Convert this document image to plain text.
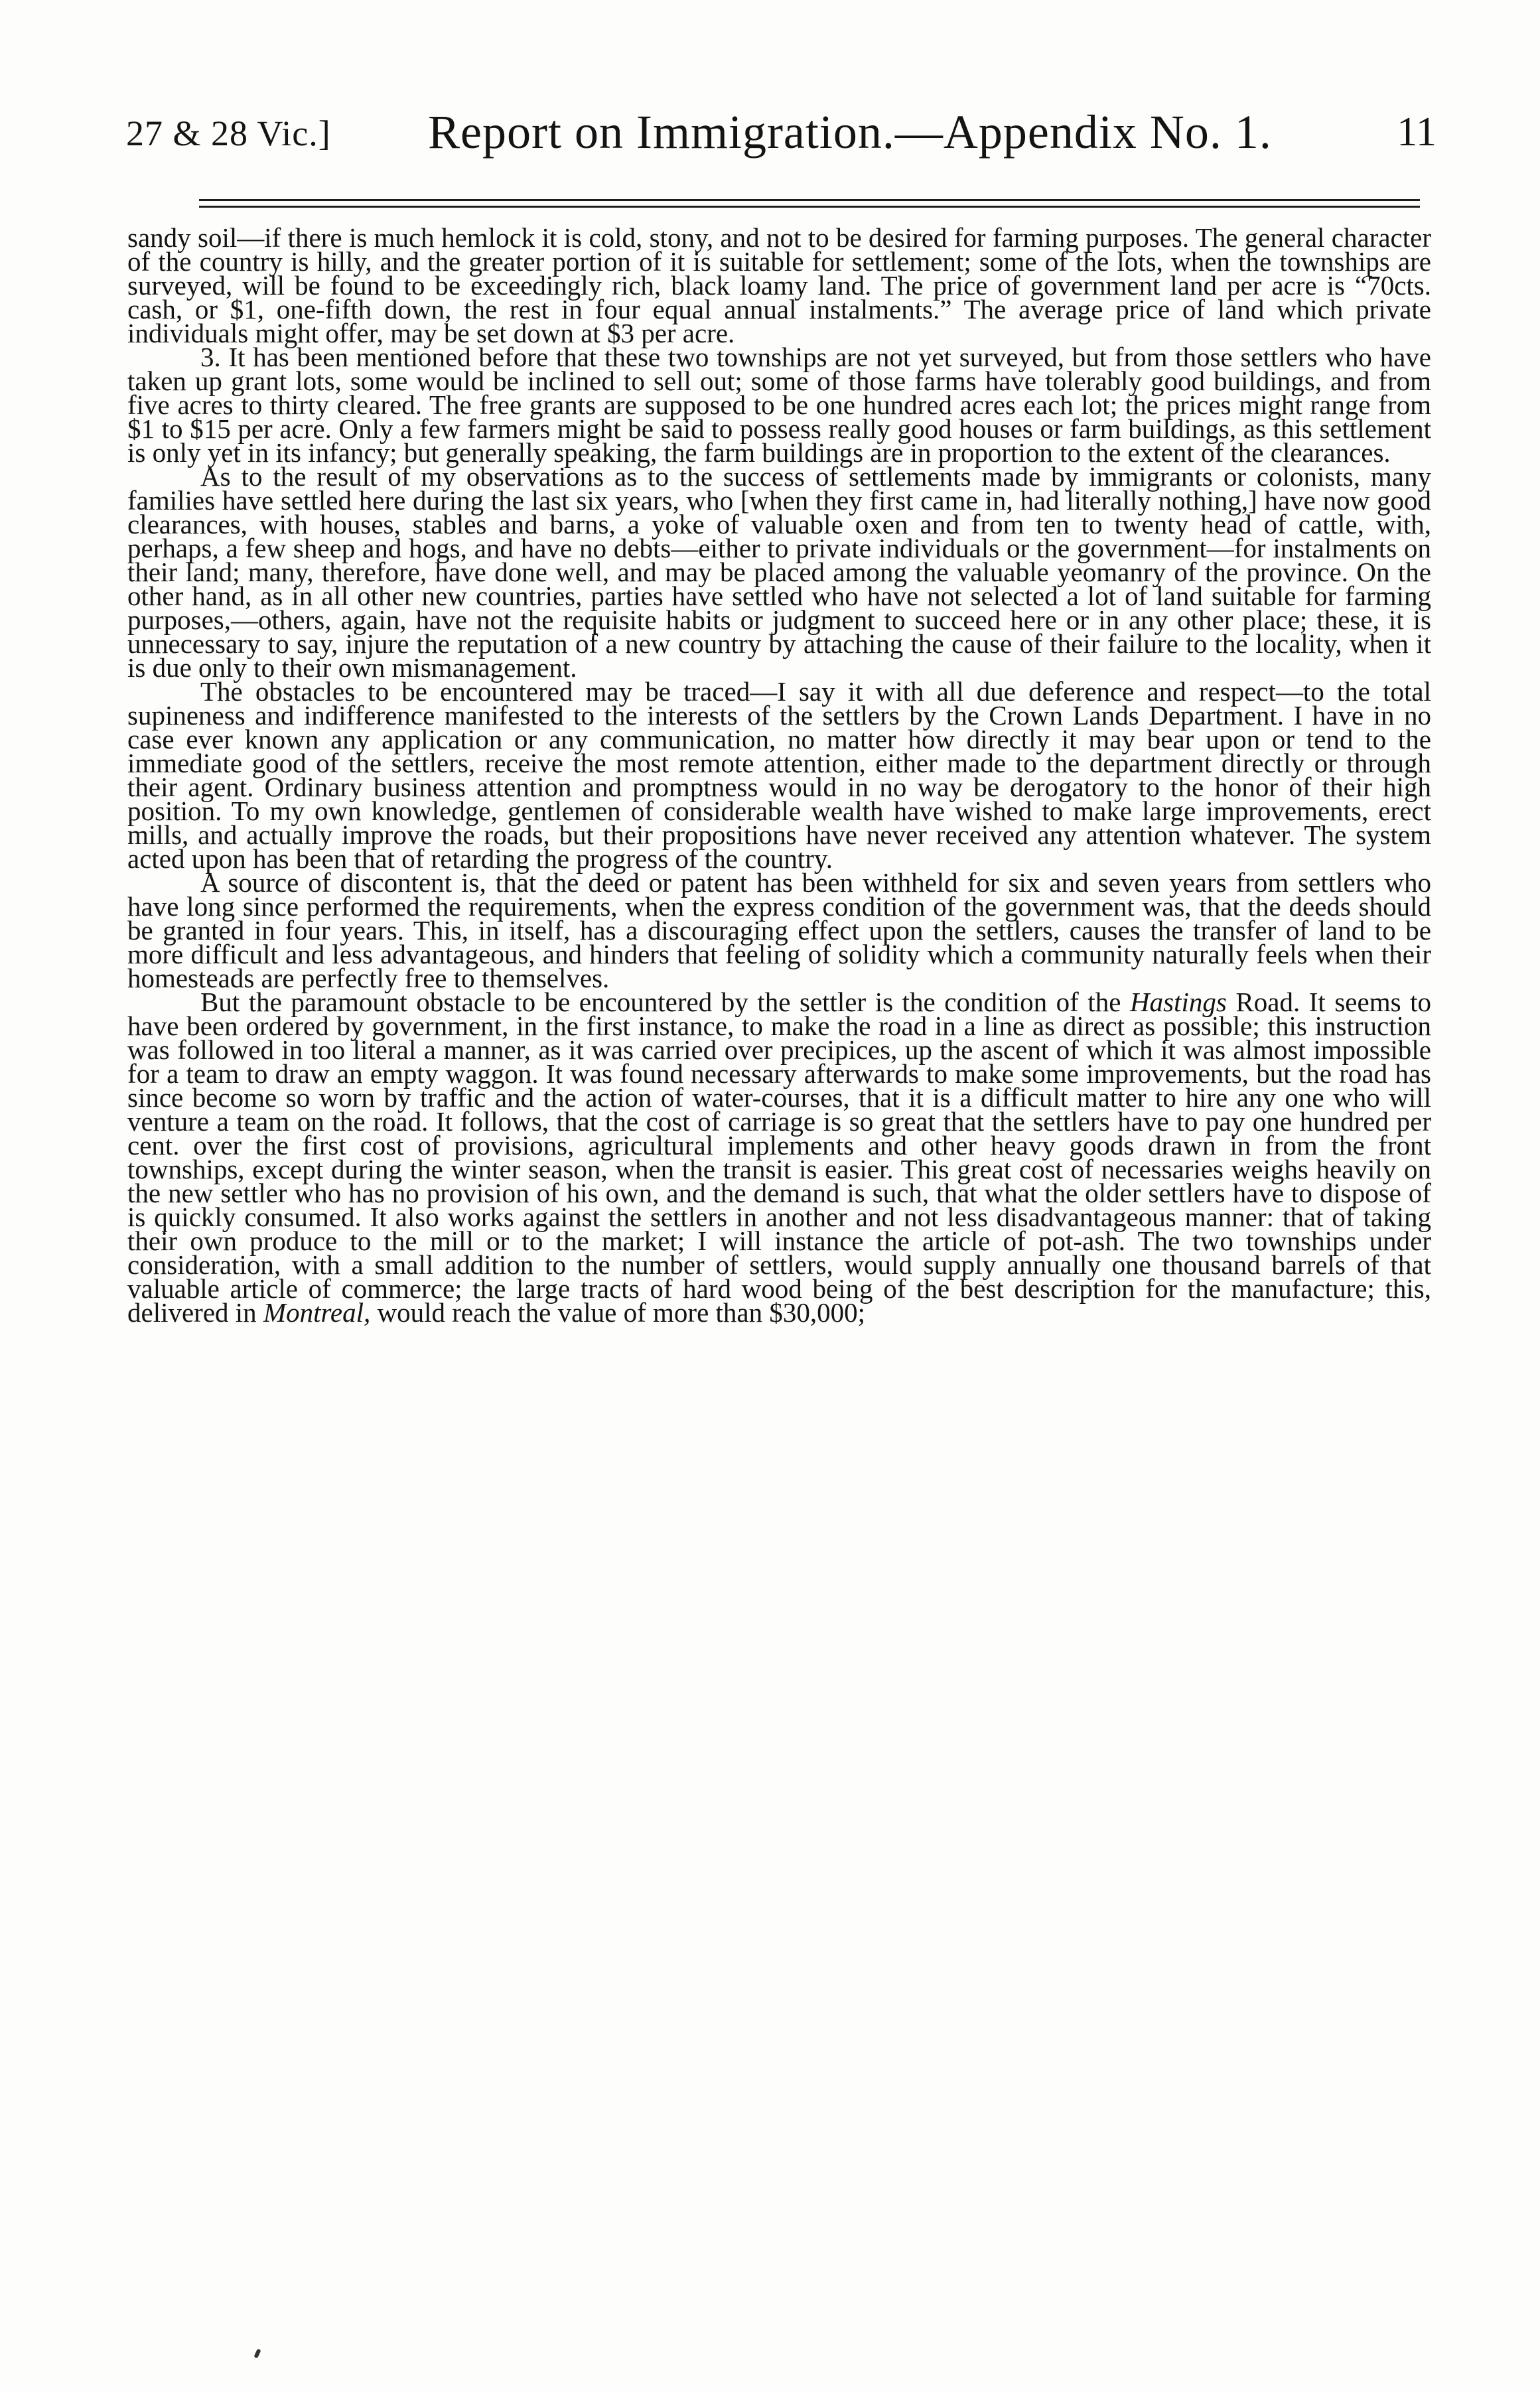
27 & 28 Vic.] Report on Immigration.—Appendix No. 1.	11

sandy soil—if there is much hemlock it is cold, stony, and not to be desired for farming purposes. The general character of the country is hilly, and the greater portion of it is suitable for settlement; some of the lots, when the townships are surveyed, will be found to be exceedingly rich, black loamy land. The price of government land per acre is “70cts. cash, or $1, one-fifth down, the rest in four equal annual instalments.” The average price of land which private individuals might offer, may be set down at $3 per acre.

3. It has been mentioned before that these two townships are not yet surveyed, but from those settlers who have taken up grant lots, some would be inclined to sell out; some of those farms have tolerably good buildings, and from five acres to thirty cleared. The free grants are supposed to be one hundred acres each lot; the prices might range from $1 to $15 per acre. Only a few farmers might be said to possess really good houses or farm buildings, as this settlement is only yet in its infancy; but generally speaking, the farm buildings are in proportion to the extent of the clearances.

As to the result of my observations as to the success of settlements made by immigrants or colonists, many families have settled here during the last six years, who [when they first came in, had literally nothing,] have now good clearances, with houses, stables and barns, a yoke of valuable oxen and from ten to twenty head of cattle, with, perhaps, a few sheep and hogs, and have no debts—either to private individuals or the government—for instalments on their land; many, therefore, have done well, and may be placed among the valuable yeomanry of the province. On the other hand, as in all other new countries, parties have settled who have not selected a lot of land suitable for farming purposes,—others, again, have not the requisite habits or judgment to succeed here or in any other place; these, it is unnecessary to say, injure the reputation of a new country by attaching the cause of their failure to the locality, when it is due only to their own mismanagement.

The obstacles to be encountered may be traced—I say it with all due deference and respect—to the total supineness and indifference manifested to the interests of the settlers by the Crown Lands Department. I have in no case ever known any application or any communication, no matter how directly it may bear upon or tend to the immediate good of the settlers, receive the most remote attention, either made to the department directly or through their agent. Ordinary business attention and promptness would in no way be derogatory to the honor of their high position. To my own knowledge, gentlemen of considerable wealth have wished to make large improvements, erect mills, and actually improve the roads, but their propositions have never received any attention whatever. The system acted upon has been that of retarding the progress of the country.

A source of discontent is, that the deed or patent has been withheld for six and seven years from settlers who have long since performed the requirements, when the express condition of the government was, that the deeds should be granted in four years. This, in itself, has a discouraging effect upon the settlers, causes the transfer of land to be more difficult and less advantageous, and hinders that feeling of solidity which a community naturally feels when their homesteads are perfectly free to themselves.

But the paramount obstacle to be encountered by the settler is the condition of the Hastings Road. It seems to have been ordered by government, in the first instance, to make the road in a line as direct as possible; this instruction was followed in too literal a manner, as it was carried over precipices, up the ascent of which it was almost impossible for a team to draw an empty waggon. It was found necessary afterwards to make some improvements, but the road has since become so worn by traffic and the action of water-courses, that it is a difficult matter to hire any one who will venture a team on the road. It follows, that the cost of carriage is so great that the settlers have to pay one hundred per cent. over the first cost of provisions, agricultural implements and other heavy goods drawn in from the front townships, except during the winter season, when the transit is easier. This great cost of necessaries weighs heavily on the new settler who has no provision of his own, and the demand is such, that what the older settlers have to dispose of is quickly consumed. It also works against the settlers in another and not less disadvantageous manner: that of taking their own produce to the mill or to the market; I will instance the article of pot-ash. The two townships under consideration, with a small addition to the number of settlers, would supply annually one thousand barrels of that valuable article of commerce; the large tracts of hard wood being of the best description for the manufacture; this, delivered in Montreal, would reach the value of more than $30,000;
